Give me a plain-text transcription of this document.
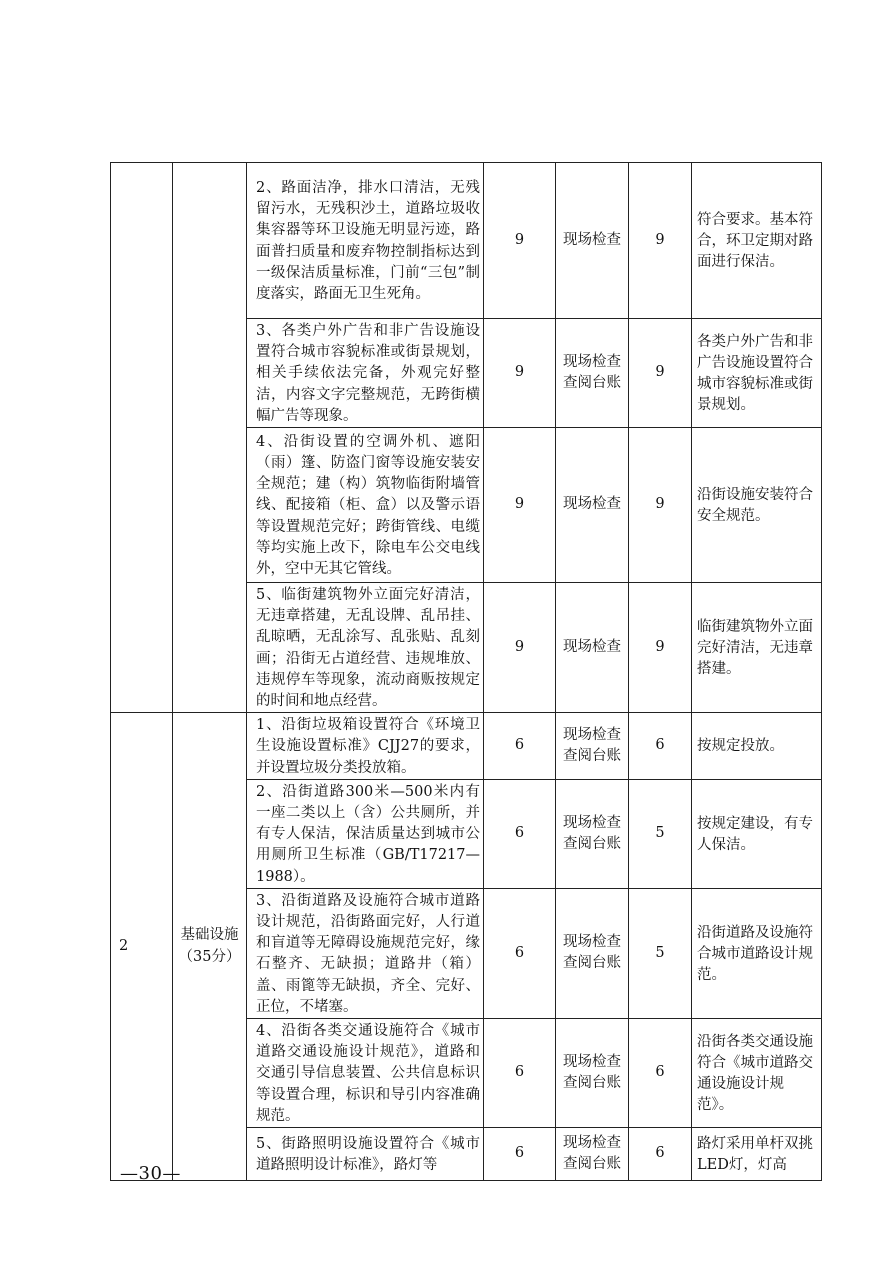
		2、路面洁净，排水口清洁，无残留污水，无残积沙土，道路垃圾收集容器等环卫设施无明显污迹，路面普扫质量和废弃物控制指标达到一级保洁质量标准，门前“三包”制度落实，路面无卫生死角。	9	现场检查	9	符合要求。基本符合，环卫定期对路面进行保洁。
		3、各类户外广告和非广告设施设置符合城市容貌标准或街景规划，相关手续依法完备，外观完好整洁，内容文字完整规范，无跨街横幅广告等现象。	9	现场检查查阅台账	9	各类户外广告和非广告设施设置符合城市容貌标准或街景规划。
		4、沿街设置的空调外机、遮阳（雨）篷、防盗门窗等设施安装安全规范；建（构）筑物临街附墙管线、配接箱（柜、盒）以及警示语等设置规范完好；跨街管线、电缆等均实施上改下，除电车公交电线外，空中无其它管线。	9	现场检查	9	沿街设施安装符合安全规范。
		5、临街建筑物外立面完好清洁，无违章搭建，无乱设牌、乱吊挂、乱晾晒，无乱涂写、乱张贴、乱刻画；沿街无占道经营、违规堆放、违规停车等现象，流动商贩按规定的时间和地点经营。	9	现场检查	9	临街建筑物外立面完好清洁，无违章搭建。
2	基础设施（35分）	1、沿街垃圾箱设置符合《环境卫生设施设置标准》CJJ27的要求，并设置垃圾分类投放箱。	6	现场检查查阅台账	6	按规定投放。
		2、沿街道路300米—500米内有一座二类以上（含）公共厕所，并有专人保洁，保洁质量达到城市公用厕所卫生标准（GB/T17217—1988）。	6	现场检查查阅台账	5	按规定建设，有专人保洁。
		3、沿街道路及设施符合城市道路设计规范，沿街路面完好，人行道和盲道等无障碍设施规范完好，缘石整齐、无缺损；道路井（箱）盖、雨篦等无缺损，齐全、完好、正位，不堵塞。	6	现场检查查阅台账	5	沿街道路及设施符合城市道路设计规范。
		4、沿街各类交通设施符合《城市道路交通设施设计规范》，道路和交通引导信息装置、公共信息标识等设置合理，标识和导引内容准确规范。	6	现场检查查阅台账	6	沿街各类交通设施符合《城市道路交通设施设计规范》。
		5、街路照明设施设置符合《城市道路照明设计标准》，路灯等	6	现场检查查阅台账	6	路灯采用单杆双挑LED灯，灯高
—30—
